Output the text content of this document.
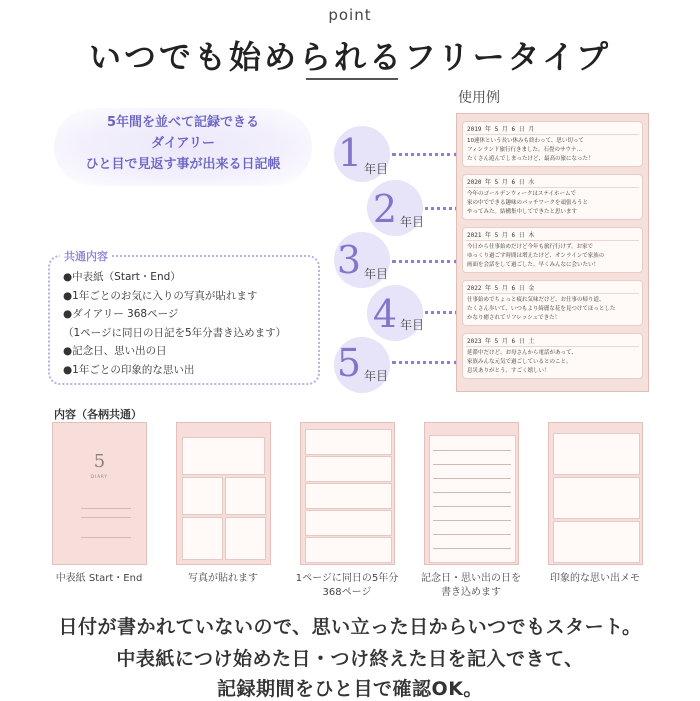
point
いつでも始められるフリータイプ
使用例
5年間を並べて記録できる
ダイアリー
ひと目で見返す事が出来る日記帳
共通内容
●中表紙（Start・End）
●1年ごとのお気に入りの写真が貼れます
●ダイアリー 368ページ
（1ページに同日の日記を5年分書き込めます）
●記念日、思い出の日
●1年ごとの印象的な思い出
1 年目
2 年目
3 年目
4 年目
5 年目
2019 年 5 月 6 日 月
10連休という長い休みも終わって、思い切って
フィンランド旅行行きました。石畳のサウナ…
たくさん遊んでしまったけど、最高の旅になった！
2020 年 5 月 6 日 水
今年のゴールデンウィークはステイホームで
家の中でできる趣味のパッチワークを頑張ろうと
やってみた。結構集中してできたと思います
2021 年 5 月 6 日 木
今日から仕事始めだけど今年も旅行行けず。お家で
ゆっくり過ごす時間は増えたけど、オンラインで家族の
画面を会話をして過ごした。早くみんなに会いたい！
2022 年 5 月 6 日 金
仕事始めでちょっと疲れ気味だけど、お仕事の帰り道、
たくさん歩いて、いつもより綺麗な花を見つけてほっとした
かなり癒されてリフレッシュできた！
2023 年 5 月 6 日 土
延滞中だけど、お母さんから電話があって、
家族みんな元気で過ごしているとのこと。
息災ありがとう、すごく嬉しい！
内容（各柄共通）
5
DIARY
中表紙 Start・End	写真が貼れます	1ページに同日の5年分
368ページ
記念日・思い出の日を
書き込めます
印象的な思い出メモ
日付が書かれていないので、思い立った日からいつでもスタート。
中表紙につけ始めた日・つけ終えた日を記入できて、
記録期間をひと目で確認OK。
